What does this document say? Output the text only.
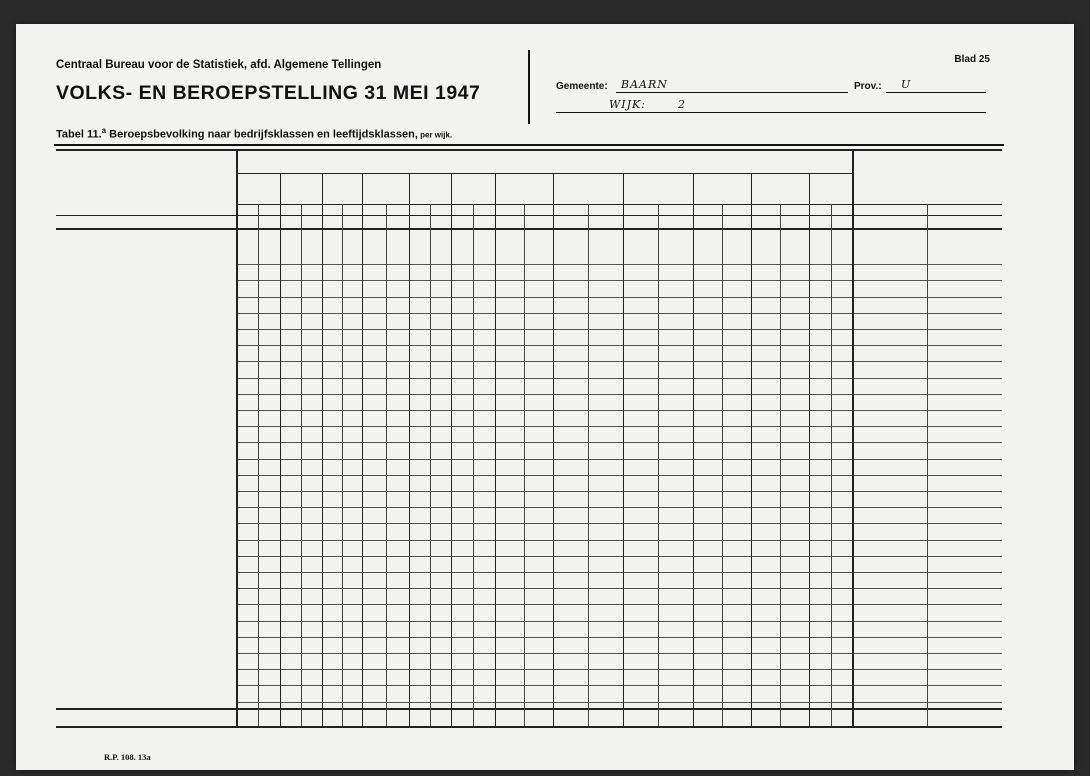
Centraal Bureau voor de Statistiek, afd. Algemene Tellingen
VOLKS- EN BEROEPSTELLING 31 MEI 1947
Blad 25
Gemeente: BAARN	Prov.: U
WIJK:	2
Tabel 11.$^a$ Beroepsbevolking naar bedrijfsklassen en leeftijdsklassen, per wijk.
R.P. 108. 13a
